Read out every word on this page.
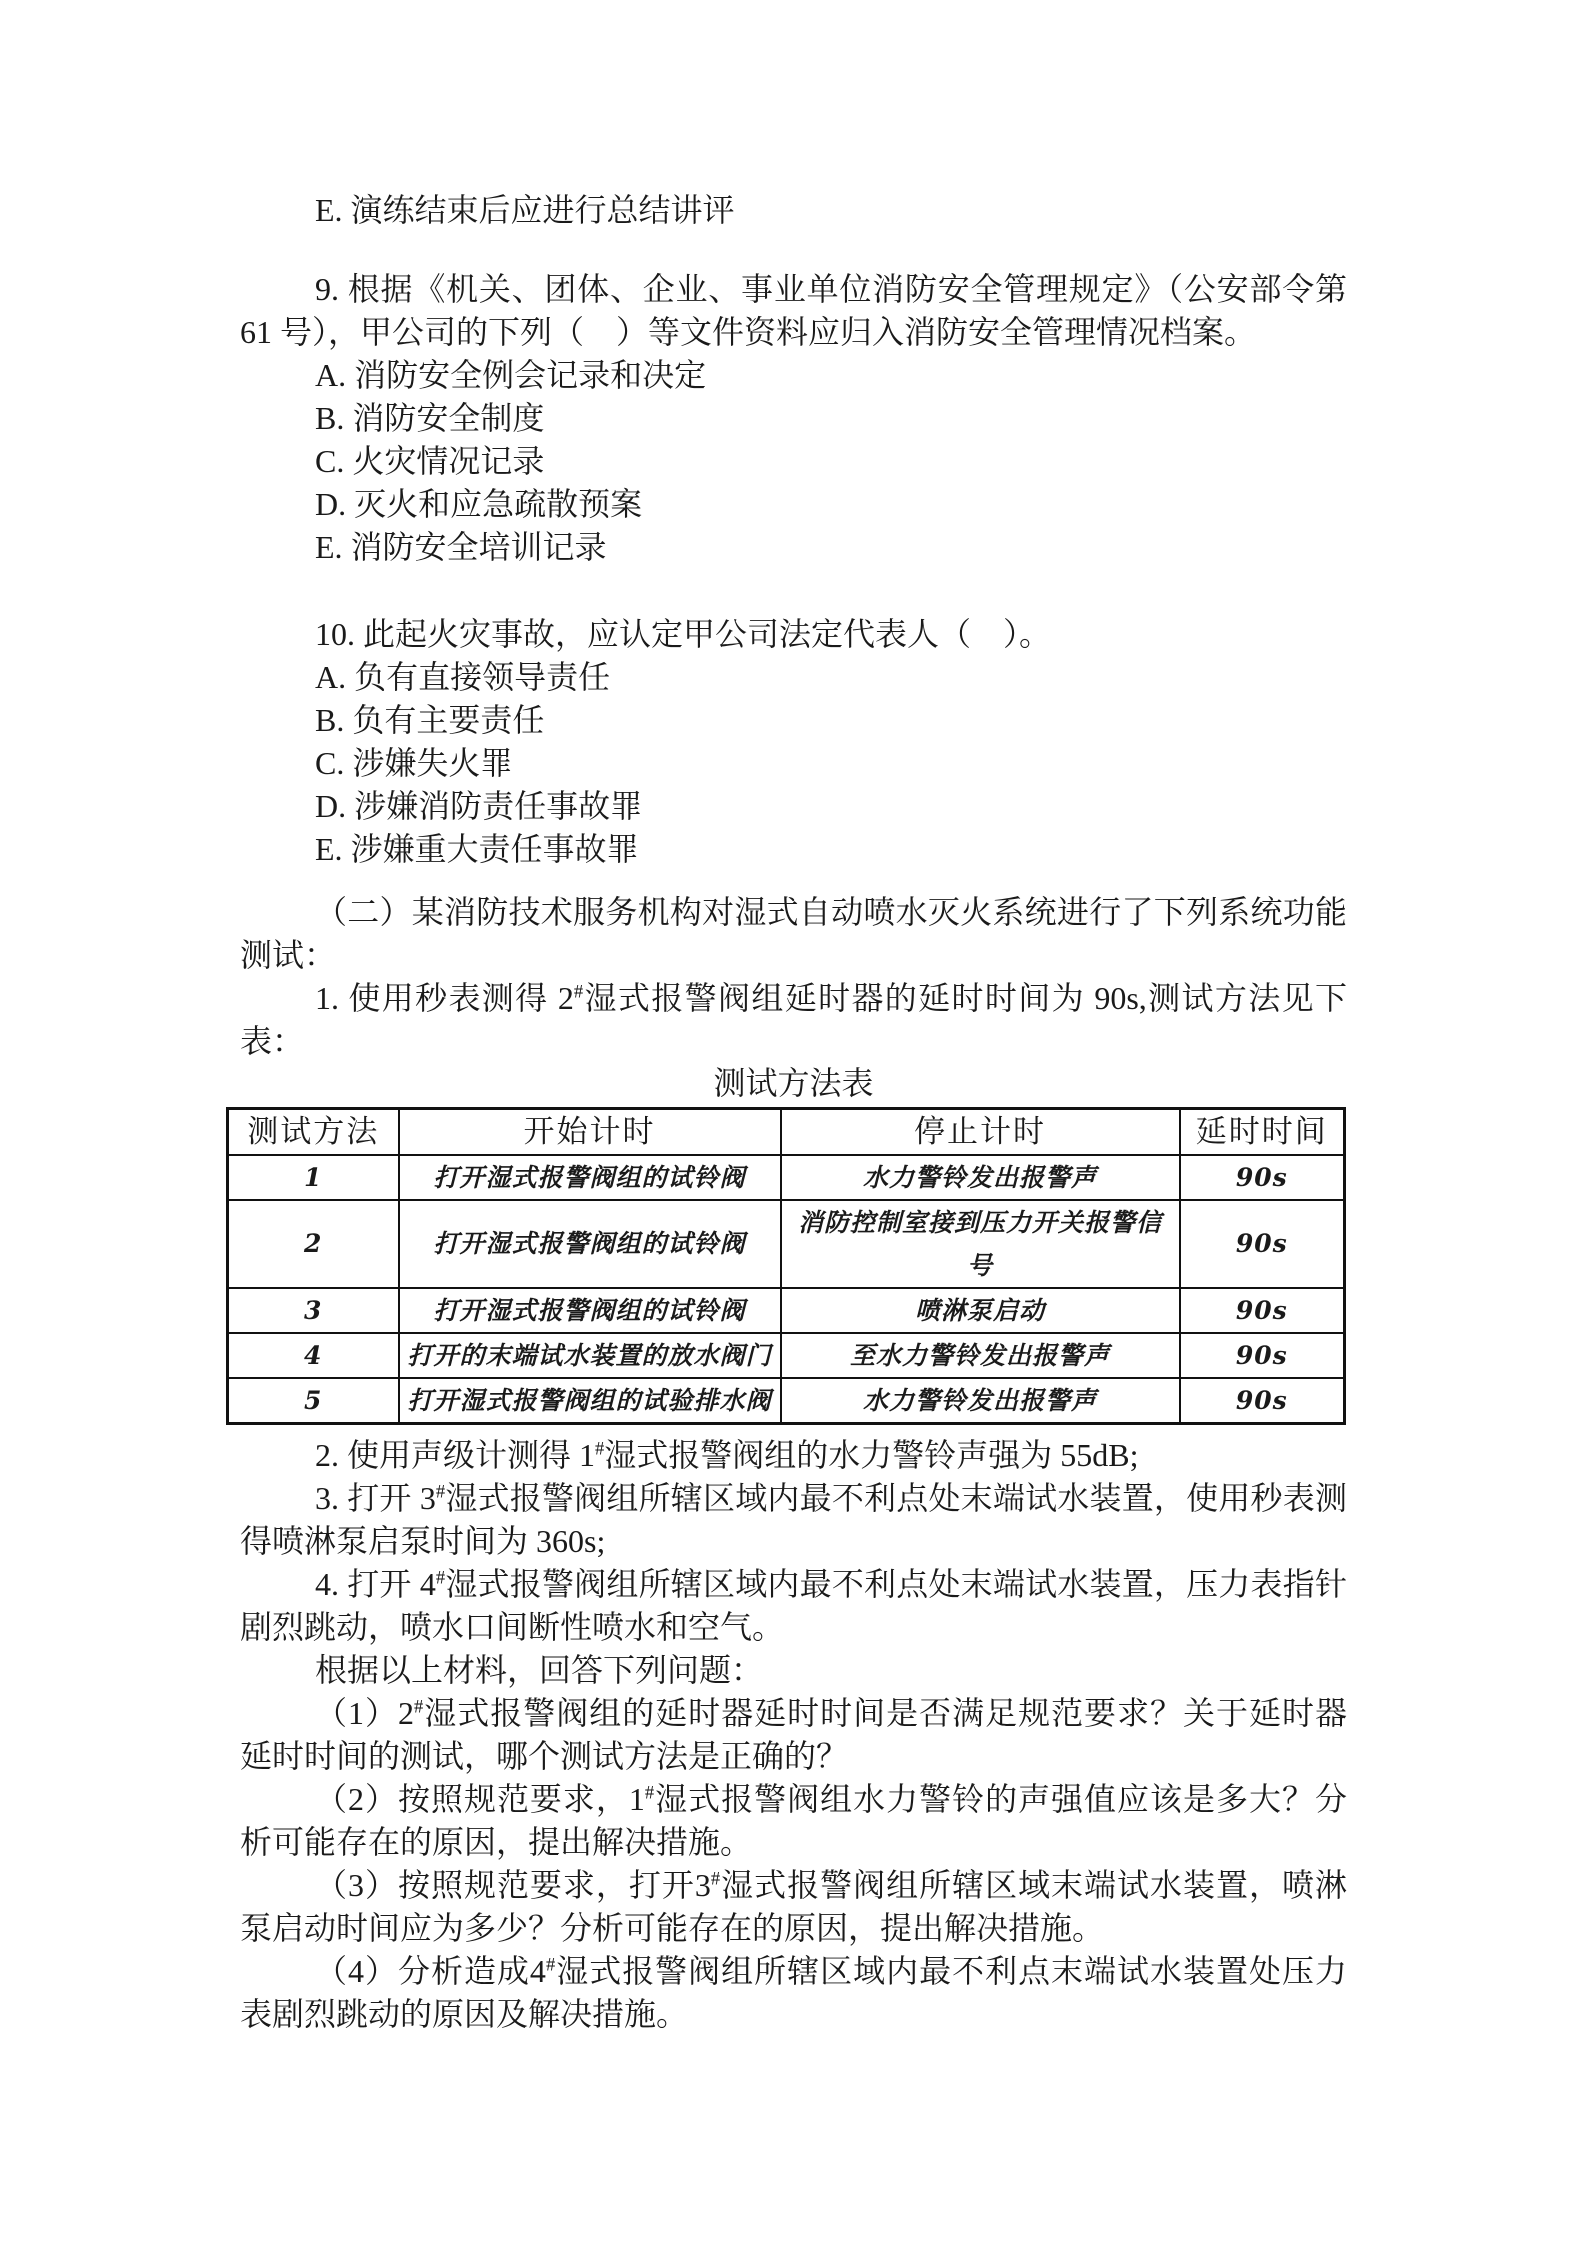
E. 演练结束后应进行总结讲评

9. 根据《机关、团体、企业、事业单位消防安全管理规定》（公安部令第 61 号），甲公司的下列（　）等文件资料应归入消防安全管理情况档案。

A. 消防安全例会记录和决定

B. 消防安全制度

C. 火灾情况记录

D. 灭火和应急疏散预案

E. 消防安全培训记录

10. 此起火灾事故，应认定甲公司法定代表人（　）。

A. 负有直接领导责任

B. 负有主要责任

C. 涉嫌失火罪

D. 涉嫌消防责任事故罪

E. 涉嫌重大责任事故罪

（二）某消防技术服务机构对湿式自动喷水灭火系统进行了下列系统功能测试：

1. 使用秒表测得 2#湿式报警阀组延时器的延时时间为 90s,测试方法见下表：

测试方法表

测试方法	开始计时	停止计时	延时时间
1	打开湿式报警阀组的试铃阀	水力警铃发出报警声	90s
2	打开湿式报警阀组的试铃阀	消防控制室接到压力开关报警信号	90s
3	打开湿式报警阀组的试铃阀	喷淋泵启动	90s
4	打开的末端试水装置的放水阀门	至水力警铃发出报警声	90s
5	打开湿式报警阀组的试验排水阀	水力警铃发出报警声	90s

2. 使用声级计测得 1#湿式报警阀组的水力警铃声强为 55dB;

3. 打开 3#湿式报警阀组所辖区域内最不利点处末端试水装置，使用秒表测得喷淋泵启泵时间为 360s;

4. 打开 4#湿式报警阀组所辖区域内最不利点处末端试水装置，压力表指针剧烈跳动，喷水口间断性喷水和空气。

根据以上材料，回答下列问题：

（1）2#湿式报警阀组的延时器延时时间是否满足规范要求？关于延时器延时时间的测试，哪个测试方法是正确的？

（2）按照规范要求，1#湿式报警阀组水力警铃的声强值应该是多大？分析可能存在的原因，提出解决措施。

（3）按照规范要求，打开3#湿式报警阀组所辖区域末端试水装置，喷淋泵启动时间应为多少？分析可能存在的原因，提出解决措施。

（4）分析造成4#湿式报警阀组所辖区域内最不利点末端试水装置处压力表剧烈跳动的原因及解决措施。
